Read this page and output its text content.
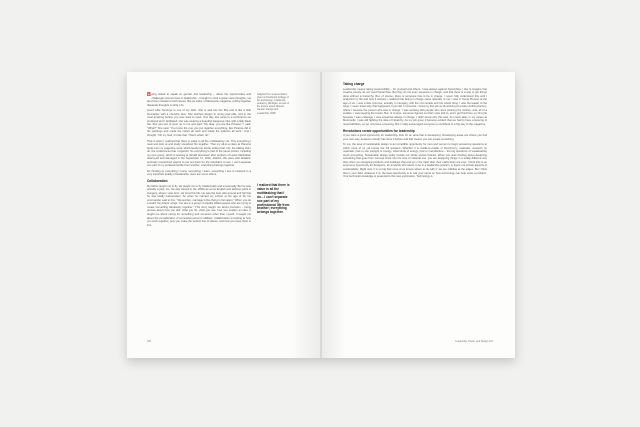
Being asked to speak on gender and leadership – about the opportunities and challenges women have in leadership – brought to mind a great many thoughts, not all of them related to both issues. But as editor of Metropolis magazine, pulling together disparate thoughts is what I do.

Good Little Tomboys is one of my idols. She is well into her 80s and is like a little firecracker with a cherubic face. She teaches design to ninety-year-olds, and in the most amazing person you ever want to meet. One day, she came to a conference we produced and I facilitated; she was wearing a beautiful Japanese robe with a little black hat. She just sort of spun up to me and said: "My dear, you are like Picasso." I said: "What?" She said: "You know the one you put together everything, like Picasso did in his paintings and made the colors all work and made the patterns all work." And I thought, "Oh my God, it's like that. That is what I do."

That is when I realized that there is value in all the multitasking I do. This everything I read and look at and study somehow fits together. That my all-in-a class at Parsons feeds into my magazine work, which feeds into all the writing that I do, the talking that I do, the conferences that I organize. So everything is part of the same picture, including my core group, which is working to rebuild downtown after portions of Lower Manhattan destroyed and damaged in the September 11, 2001, attacks. We were well detailed, seriously researched papers to put out there for the rebuilders to see. I can't separate one part of my professional life from another; everything belongs together.

So thinking or everything I know, everything I learn, everything I see is involved in a very important quality of leadership. Here are some others.

Collaboration

My father taught me to fly. He taught me to fly intellectually and emotionally. But he was actually a pilot, too. He was trained in the 1930s as some English and Hebrew pilots in Hungary, where I was born. He loved his life. He saw the best pilot around and felt that he was totally independent. So when he married my mother at the age of 39, his commander said to him, "Remember, marriage is like flying in formation." When you do a watch the others' wings. You are in a group of equally skilled people who are trying to create something fabulously together." This story taught me about precision – being precise about how you talk, what you do, what you see, how you explain an idea. It taught me about caring for something and someone other than myself. It taught me about the consideration of somewhat person's abilities. Collaboration is looking at how you work together, how you make the perfect line of planes, and how you keep them in line.

Adapted from a presentation given at Cranbrook College of Art and Design, Cranbrook Academy, Michigan, as part of the lecture series Women, Gender, Design and Leadership, 2008
I realized that there is value in all the multitasking that I do... I can't separate one part of my professional life from another; everything belongs together.
106
Taking charge

Leadership means taking responsibility – for yourself and others. I was always against hierarchies. I like to imagine that creative people do not need hierarchies. But they do not even someone in charge, and that there is a way to get things done without a hierarchy. But, of course, there is someone has to be in charge. I never fully understood this until I analyzed my life and how it worked. I realized that being in charge came naturally to me. I was a Young Pioneer at the age of six. I was a little Commie, actually, in Hungary, with the red necktie and the whole thing. I was the leader of the troop. I never knew why that happened, it just did. In America, I lived my first job at 16 working at a baby-clothing factory, where I became the person who was in charge. I was working with people who were pushing the clothes, and, all of a sudden, I was keeping the books. But, of course, someone figured out that I was told to, and I got fired from my first job because I was underage. I was somehow always in charge. I didn't know why this was, but much later, in my career at Metropolis, I was still fighting the idea of hierarchy. As my job grew, it became evident that we had to have a layering of responsibilities, so we now have a layering. But I really encouraged everyone to contribute to a big way to the magazine.

Revolutions create opportunities for leadership

If you want a good opportunity for leadership, look for an area that is developing. Developing areas are where you find your own way, because nobody has done it before and that means you can create something.

To me, the area of sustainable design is an incredible opportunity for men and women to begin answering questions to which none of us yet knows the full answers. Whether it is cradle-to-cradle or biomimicry; materials, research on materials, how to use sunlight or energy, what kinds of energy, how to manufacture – the big questions of sustainability touch everything. Sustainable design really revisits our whole social contract. When you start thinking about designing something that goes from concept stock into the loop of material use, you are designing things in a totally different way than when you designed products and buildings that end up in the trash after their useful lives are over. I think that is an enormous opportunity for designers, for anybody who wants to be in a leadership position, to figure out certain aspects of sustainability. Right now, it is so big that none of us knows where to do with it; we are nibbling at the edges. But I think that in your field, whatever it is, the best opportunity is to ask your name on how technology can help solve a problem. Your technical knowledge is essential to this new exploration. Technology is

Leadership, Power, and Design 107
